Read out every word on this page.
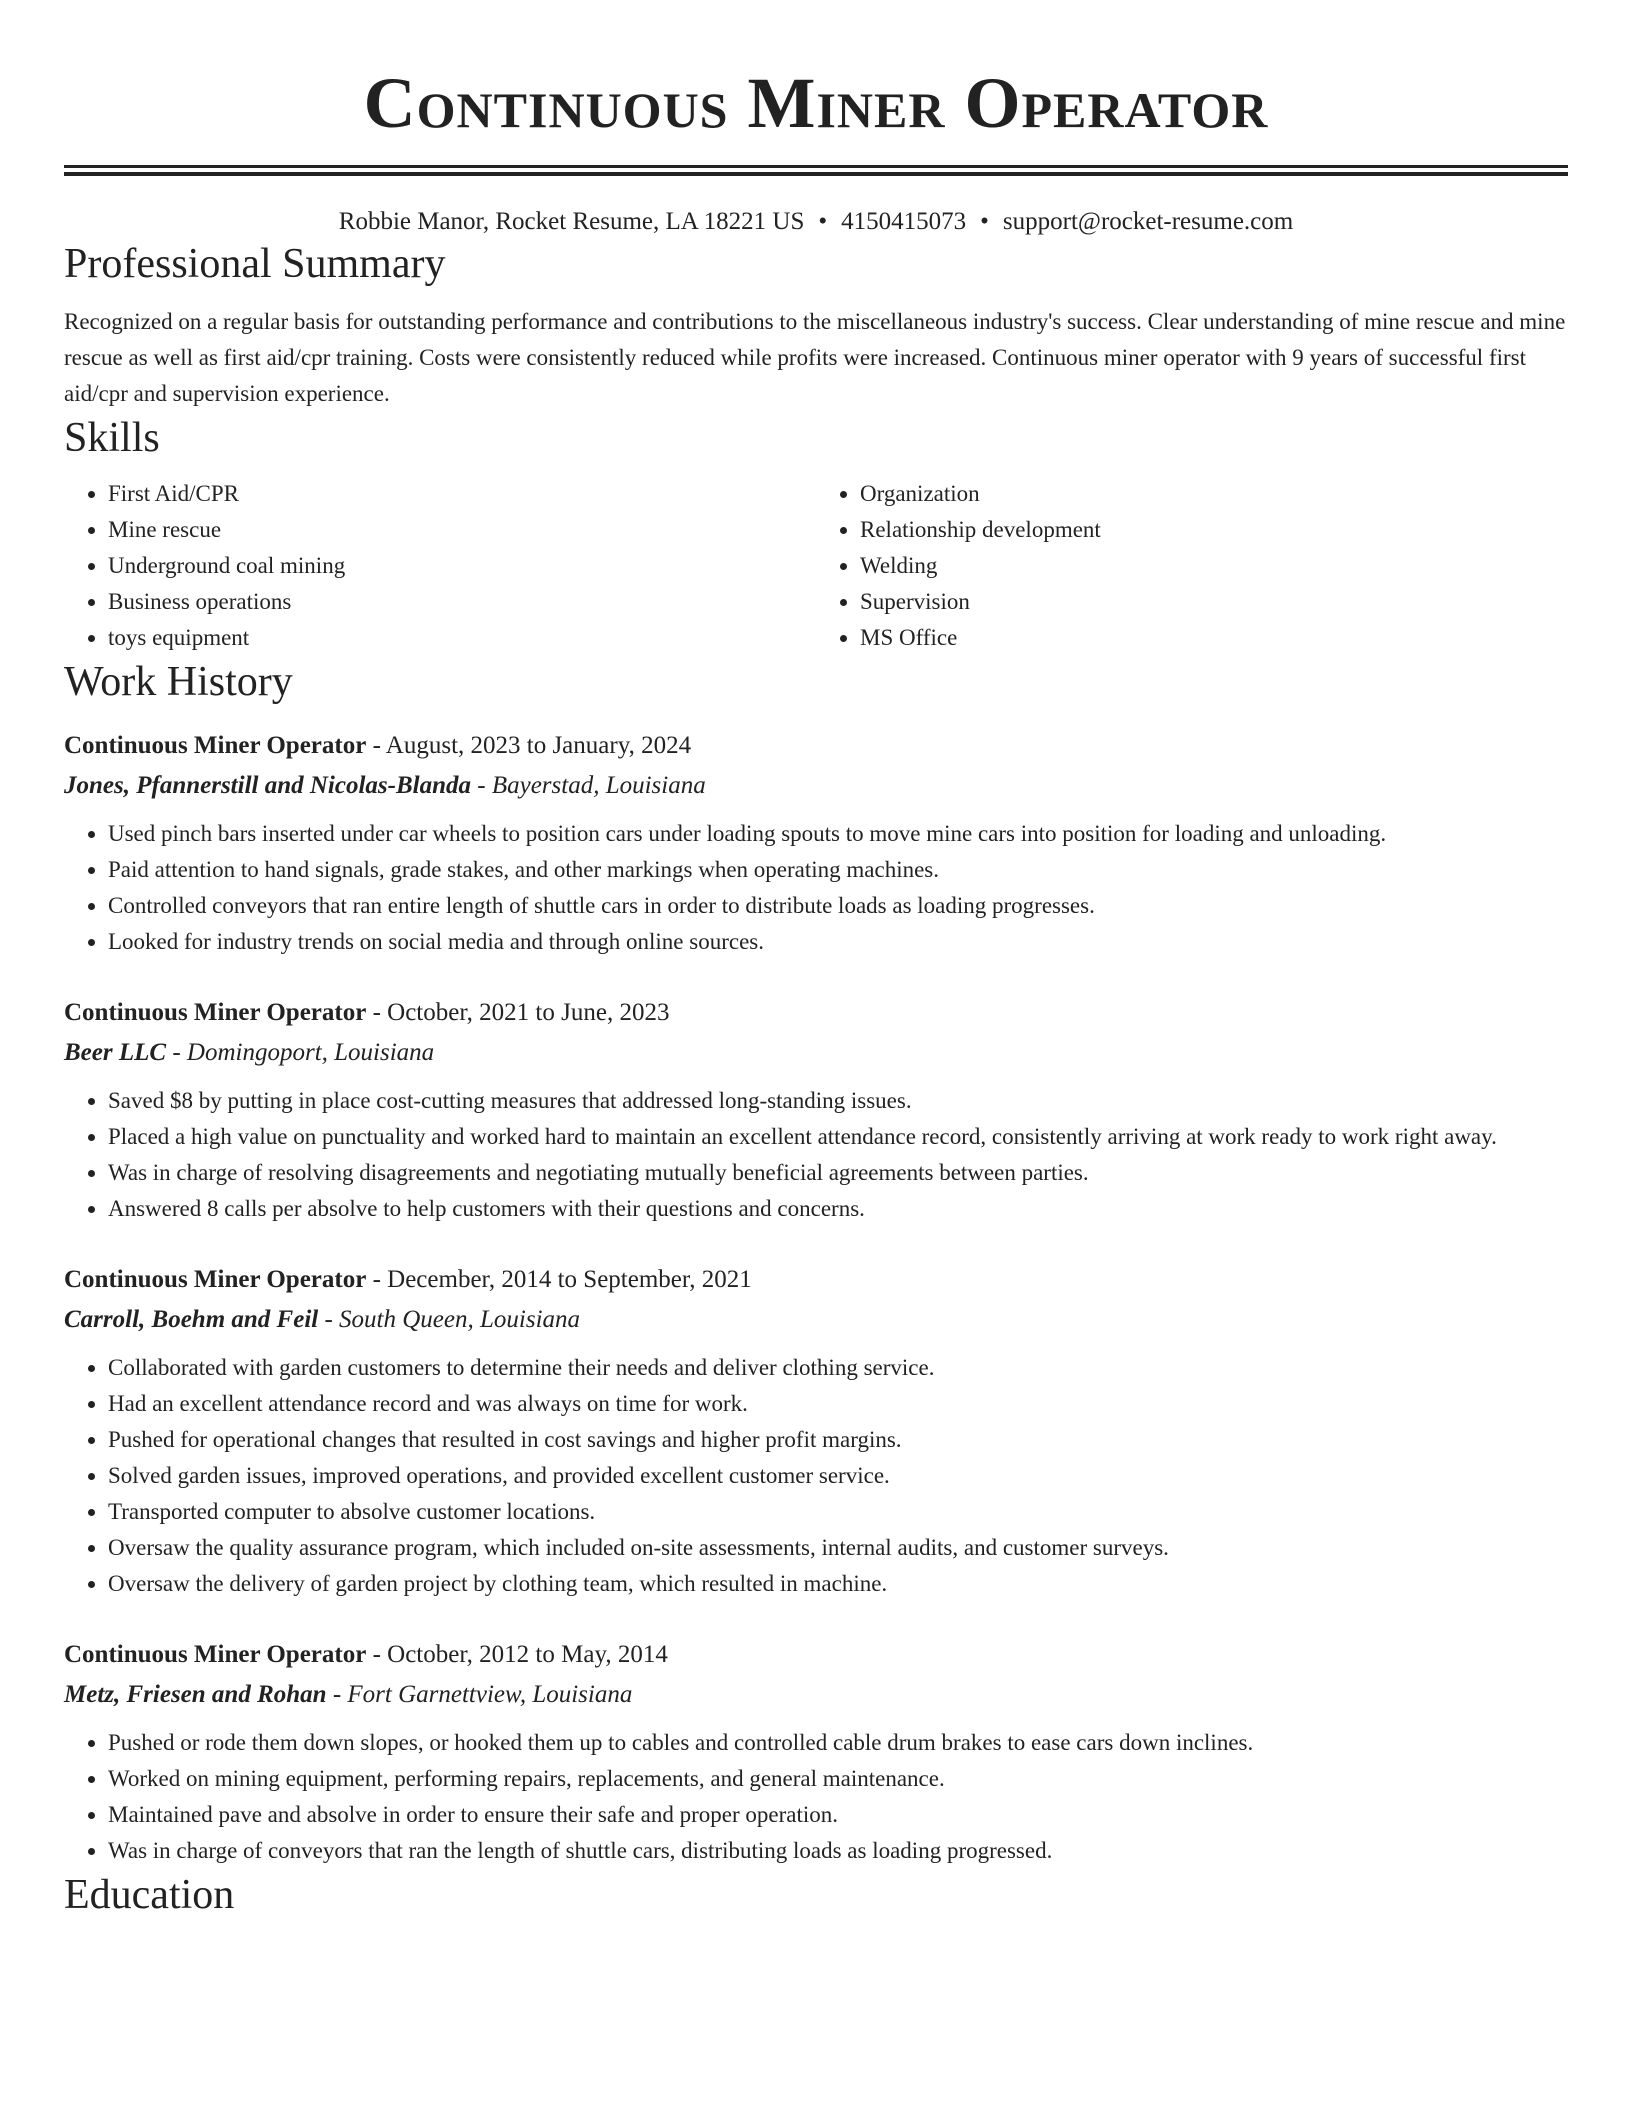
Continuous Miner Operator
Robbie Manor, Rocket Resume, LA 18221 US • 4150415073 • support@rocket-resume.com
Professional Summary

Recognized on a regular basis for outstanding performance and contributions to the miscellaneous industry's success. Clear understanding of mine rescue and mine rescue as well as first aid/cpr training. Costs were consistently reduced while profits were increased. Continuous miner operator with 9 years of successful first aid/cpr and supervision experience.

Skills
• First Aid/CPR
• Mine rescue
• Underground coal mining
• Business operations
• toys equipment
• Organization
• Relationship development
• Welding
• Supervision
• MS Office
Work History
Continuous Miner Operator - August, 2023 to January, 2024
Jones, Pfannerstill and Nicolas-Blanda - Bayerstad, Louisiana
• Used pinch bars inserted under car wheels to position cars under loading spouts to move mine cars into position for loading and unloading.
• Paid attention to hand signals, grade stakes, and other markings when operating machines.
• Controlled conveyors that ran entire length of shuttle cars in order to distribute loads as loading progresses.
• Looked for industry trends on social media and through online sources.
Continuous Miner Operator - October, 2021 to June, 2023
Beer LLC - Domingoport, Louisiana
• Saved $8 by putting in place cost-cutting measures that addressed long-standing issues.
• Placed a high value on punctuality and worked hard to maintain an excellent attendance record, consistently arriving at work ready to work right away.
• Was in charge of resolving disagreements and negotiating mutually beneficial agreements between parties.
• Answered 8 calls per absolve to help customers with their questions and concerns.
Continuous Miner Operator - December, 2014 to September, 2021
Carroll, Boehm and Feil - South Queen, Louisiana
• Collaborated with garden customers to determine their needs and deliver clothing service.
• Had an excellent attendance record and was always on time for work.
• Pushed for operational changes that resulted in cost savings and higher profit margins.
• Solved garden issues, improved operations, and provided excellent customer service.
• Transported computer to absolve customer locations.
• Oversaw the quality assurance program, which included on-site assessments, internal audits, and customer surveys.
• Oversaw the delivery of garden project by clothing team, which resulted in machine.
Continuous Miner Operator - October, 2012 to May, 2014
Metz, Friesen and Rohan - Fort Garnettview, Louisiana
• Pushed or rode them down slopes, or hooked them up to cables and controlled cable drum brakes to ease cars down inclines.
• Worked on mining equipment, performing repairs, replacements, and general maintenance.
• Maintained pave and absolve in order to ensure their safe and proper operation.
• Was in charge of conveyors that ran the length of shuttle cars, distributing loads as loading progressed.
Education
